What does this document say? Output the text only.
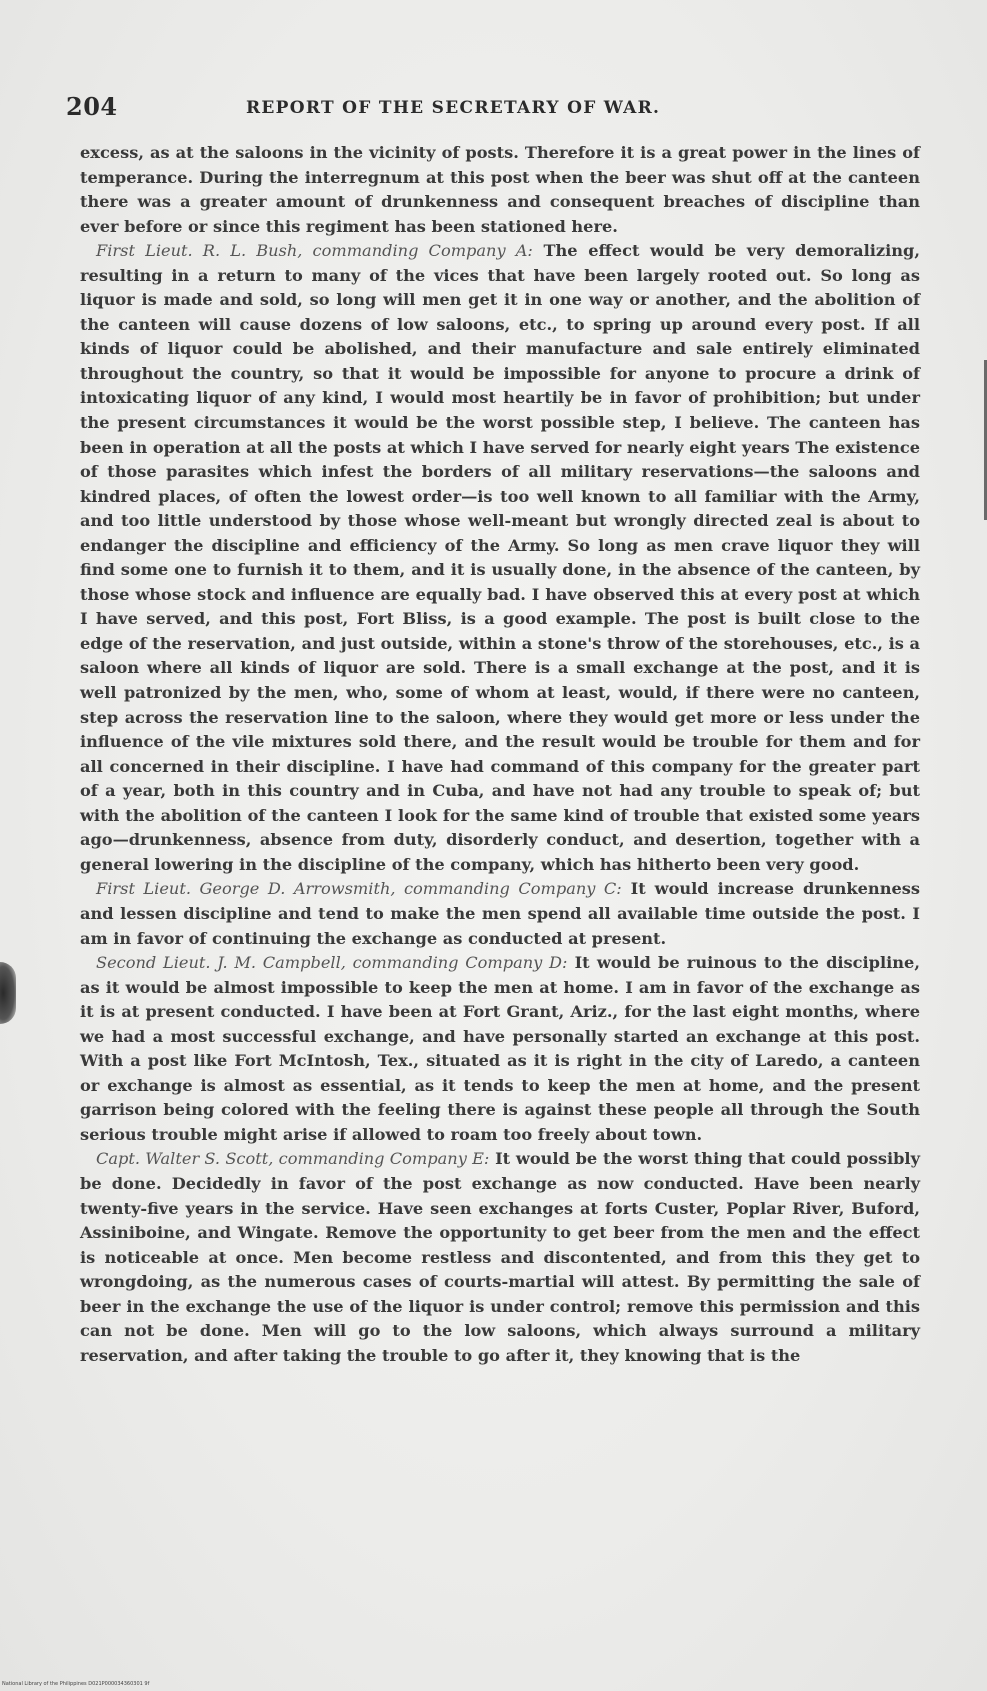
204	REPORT OF THE SECRETARY OF WAR.

excess, as at the saloons in the vicinity of posts. Therefore it is a great power in the lines of temperance. During the interregnum at this post when the beer was shut off at the canteen there was a greater amount of drunkenness and consequent breaches of discipline than ever before or since this regiment has been stationed here.

First Lieut. R. L. Bush, commanding Company A: The effect would be very demoralizing, resulting in a return to many of the vices that have been largely rooted out. So long as liquor is made and sold, so long will men get it in one way or another, and the abolition of the canteen will cause dozens of low saloons, etc., to spring up around every post. If all kinds of liquor could be abolished, and their manufacture and sale entirely eliminated throughout the country, so that it would be impossible for anyone to procure a drink of intoxicating liquor of any kind, I would most heartily be in favor of prohibition; but under the present circumstances it would be the worst possible step, I believe. The canteen has been in operation at all the posts at which I have served for nearly eight years The existence of those parasites which infest the borders of all military reservations—the saloons and kindred places, of often the lowest order—is too well known to all familiar with the Army, and too little understood by those whose well-meant but wrongly directed zeal is about to endanger the discipline and efficiency of the Army. So long as men crave liquor they will find some one to furnish it to them, and it is usually done, in the absence of the canteen, by those whose stock and influence are equally bad. I have observed this at every post at which I have served, and this post, Fort Bliss, is a good example. The post is built close to the edge of the reservation, and just outside, within a stone's throw of the storehouses, etc., is a saloon where all kinds of liquor are sold. There is a small exchange at the post, and it is well patronized by the men, who, some of whom at least, would, if there were no canteen, step across the reservation line to the saloon, where they would get more or less under the influence of the vile mixtures sold there, and the result would be trouble for them and for all concerned in their discipline. I have had command of this company for the greater part of a year, both in this country and in Cuba, and have not had any trouble to speak of; but with the abolition of the canteen I look for the same kind of trouble that existed some years ago—drunkenness, absence from duty, disorderly conduct, and desertion, together with a general lowering in the discipline of the company, which has hitherto been very good.

First Lieut. George D. Arrowsmith, commanding Company C: It would increase drunkenness and lessen discipline and tend to make the men spend all available time outside the post. I am in favor of continuing the exchange as conducted at present.

Second Lieut. J. M. Campbell, commanding Company D: It would be ruinous to the discipline, as it would be almost impossible to keep the men at home. I am in favor of the exchange as it is at present conducted. I have been at Fort Grant, Ariz., for the last eight months, where we had a most successful exchange, and have personally started an exchange at this post. With a post like Fort McIntosh, Tex., situated as it is right in the city of Laredo, a canteen or exchange is almost as essential, as it tends to keep the men at home, and the present garrison being colored with the feeling there is against these people all through the South serious trouble might arise if allowed to roam too freely about town.

Capt. Walter S. Scott, commanding Company E: It would be the worst thing that could possibly be done. Decidedly in favor of the post exchange as now conducted. Have been nearly twenty-five years in the service. Have seen exchanges at forts Custer, Poplar River, Buford, Assiniboine, and Wingate. Remove the opportunity to get beer from the men and the effect is noticeable at once. Men become restless and discontented, and from this they get to wrongdoing, as the numerous cases of courts-martial will attest. By permitting the sale of beer in the exchange the use of the liquor is under control; remove this permission and this can not be done. Men will go to the low saloons, which always surround a military reservation, and after taking the trouble to go after it, they knowing that is the

National Library of the Philippines D021P000034360301 9f
